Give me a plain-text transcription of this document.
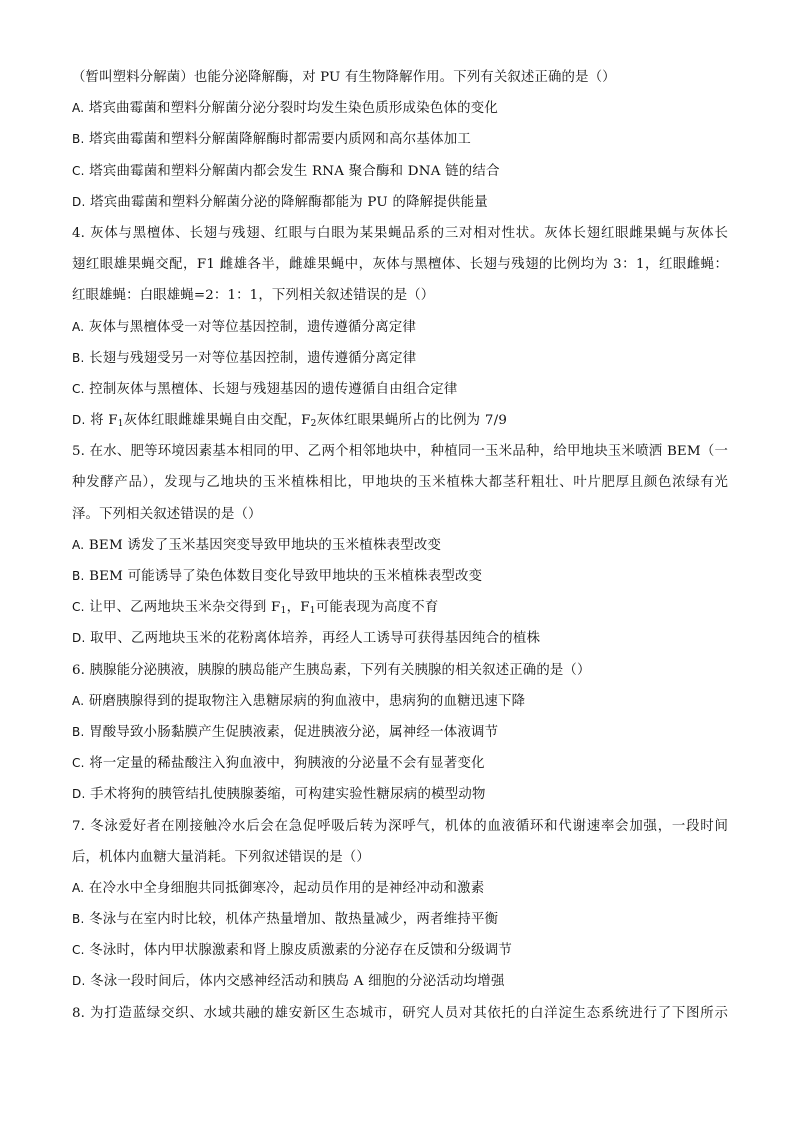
（暂叫塑料分解菌）也能分泌降解酶，对 PU 有生物降解作用。下列有关叙述正确的是（）
A. 塔宾曲霉菌和塑料分解菌分泌分裂时均发生染色质形成染色体的变化
B. 塔宾曲霉菌和塑料分解菌降解酶时都需要内质网和高尔基体加工
C. 塔宾曲霉菌和塑料分解菌内都会发生 RNA 聚合酶和 DNA 链的结合
D. 塔宾曲霉菌和塑料分解菌分泌的降解酶都能为 PU 的降解提供能量
4. 灰体与黑檀体、长翅与残翅、红眼与白眼为某果蝇品系的三对相对性状。灰体长翅红眼雌果蝇与灰体长
翅红眼雄果蝇交配，F1 雌雄各半，雌雄果蝇中，灰体与黑檀体、长翅与残翅的比例均为 3：1，红眼雌蝇：
红眼雄蝇：白眼雄蝇=2：1：1，下列相关叙述错误的是（）
A. 灰体与黑檀体受一对等位基因控制，遗传遵循分离定律
B. 长翅与残翅受另一对等位基因控制，遗传遵循分离定律
C. 控制灰体与黑檀体、长翅与残翅基因的遗传遵循自由组合定律
D. 将 $F_1$灰体红眼雌雄果蝇自由交配，$F_2$灰体红眼果蝇所占的比例为 7/9
5. 在水、肥等环境因素基本相同的甲、乙两个相邻地块中，种植同一玉米品种，给甲地块玉米喷洒 BEM（一
种发酵产品），发现与乙地块的玉米植株相比，甲地块的玉米植株大都茎秆粗壮、叶片肥厚且颜色浓绿有光
泽。下列相关叙述错误的是（）
A. BEM 诱发了玉米基因突变导致甲地块的玉米植株表型改变
B. BEM 可能诱导了染色体数目变化导致甲地块的玉米植株表型改变
C. 让甲、乙两地块玉米杂交得到 $F_1$，$F_1$可能表现为高度不育
D. 取甲、乙两地块玉米的花粉离体培养，再经人工诱导可获得基因纯合的植株
6. 胰腺能分泌胰液，胰腺的胰岛能产生胰岛素，下列有关胰腺的相关叙述正确的是（）
A. 研磨胰腺得到的提取物注入患糖尿病的狗血液中，患病狗的血糖迅速下降
B. 胃酸导致小肠黏膜产生促胰液素，促进胰液分泌，属神经一体液调节
C. 将一定量的稀盐酸注入狗血液中，狗胰液的分泌量不会有显著变化
D. 手术将狗的胰管结扎使胰腺萎缩，可构建实验性糖尿病的模型动物
7. 冬泳爱好者在刚接触冷水后会在急促呼吸后转为深呼气，机体的血液循环和代谢速率会加强，一段时间
后，机体内血糖大量消耗。下列叙述错误的是（）
A. 在冷水中全身细胞共同抵御寒冷，起动员作用的是神经冲动和激素
B. 冬泳与在室内时比较，机体产热量增加、散热量减少，两者维持平衡
C. 冬泳时，体内甲状腺激素和肾上腺皮质激素的分泌存在反馈和分级调节
D. 冬泳一段时间后，体内交感神经活动和胰岛 A 细胞的分泌活动均增强
8. 为打造蓝绿交织、水域共融的雄安新区生态城市，研究人员对其依托的白洋淀生态系统进行了下图所示
